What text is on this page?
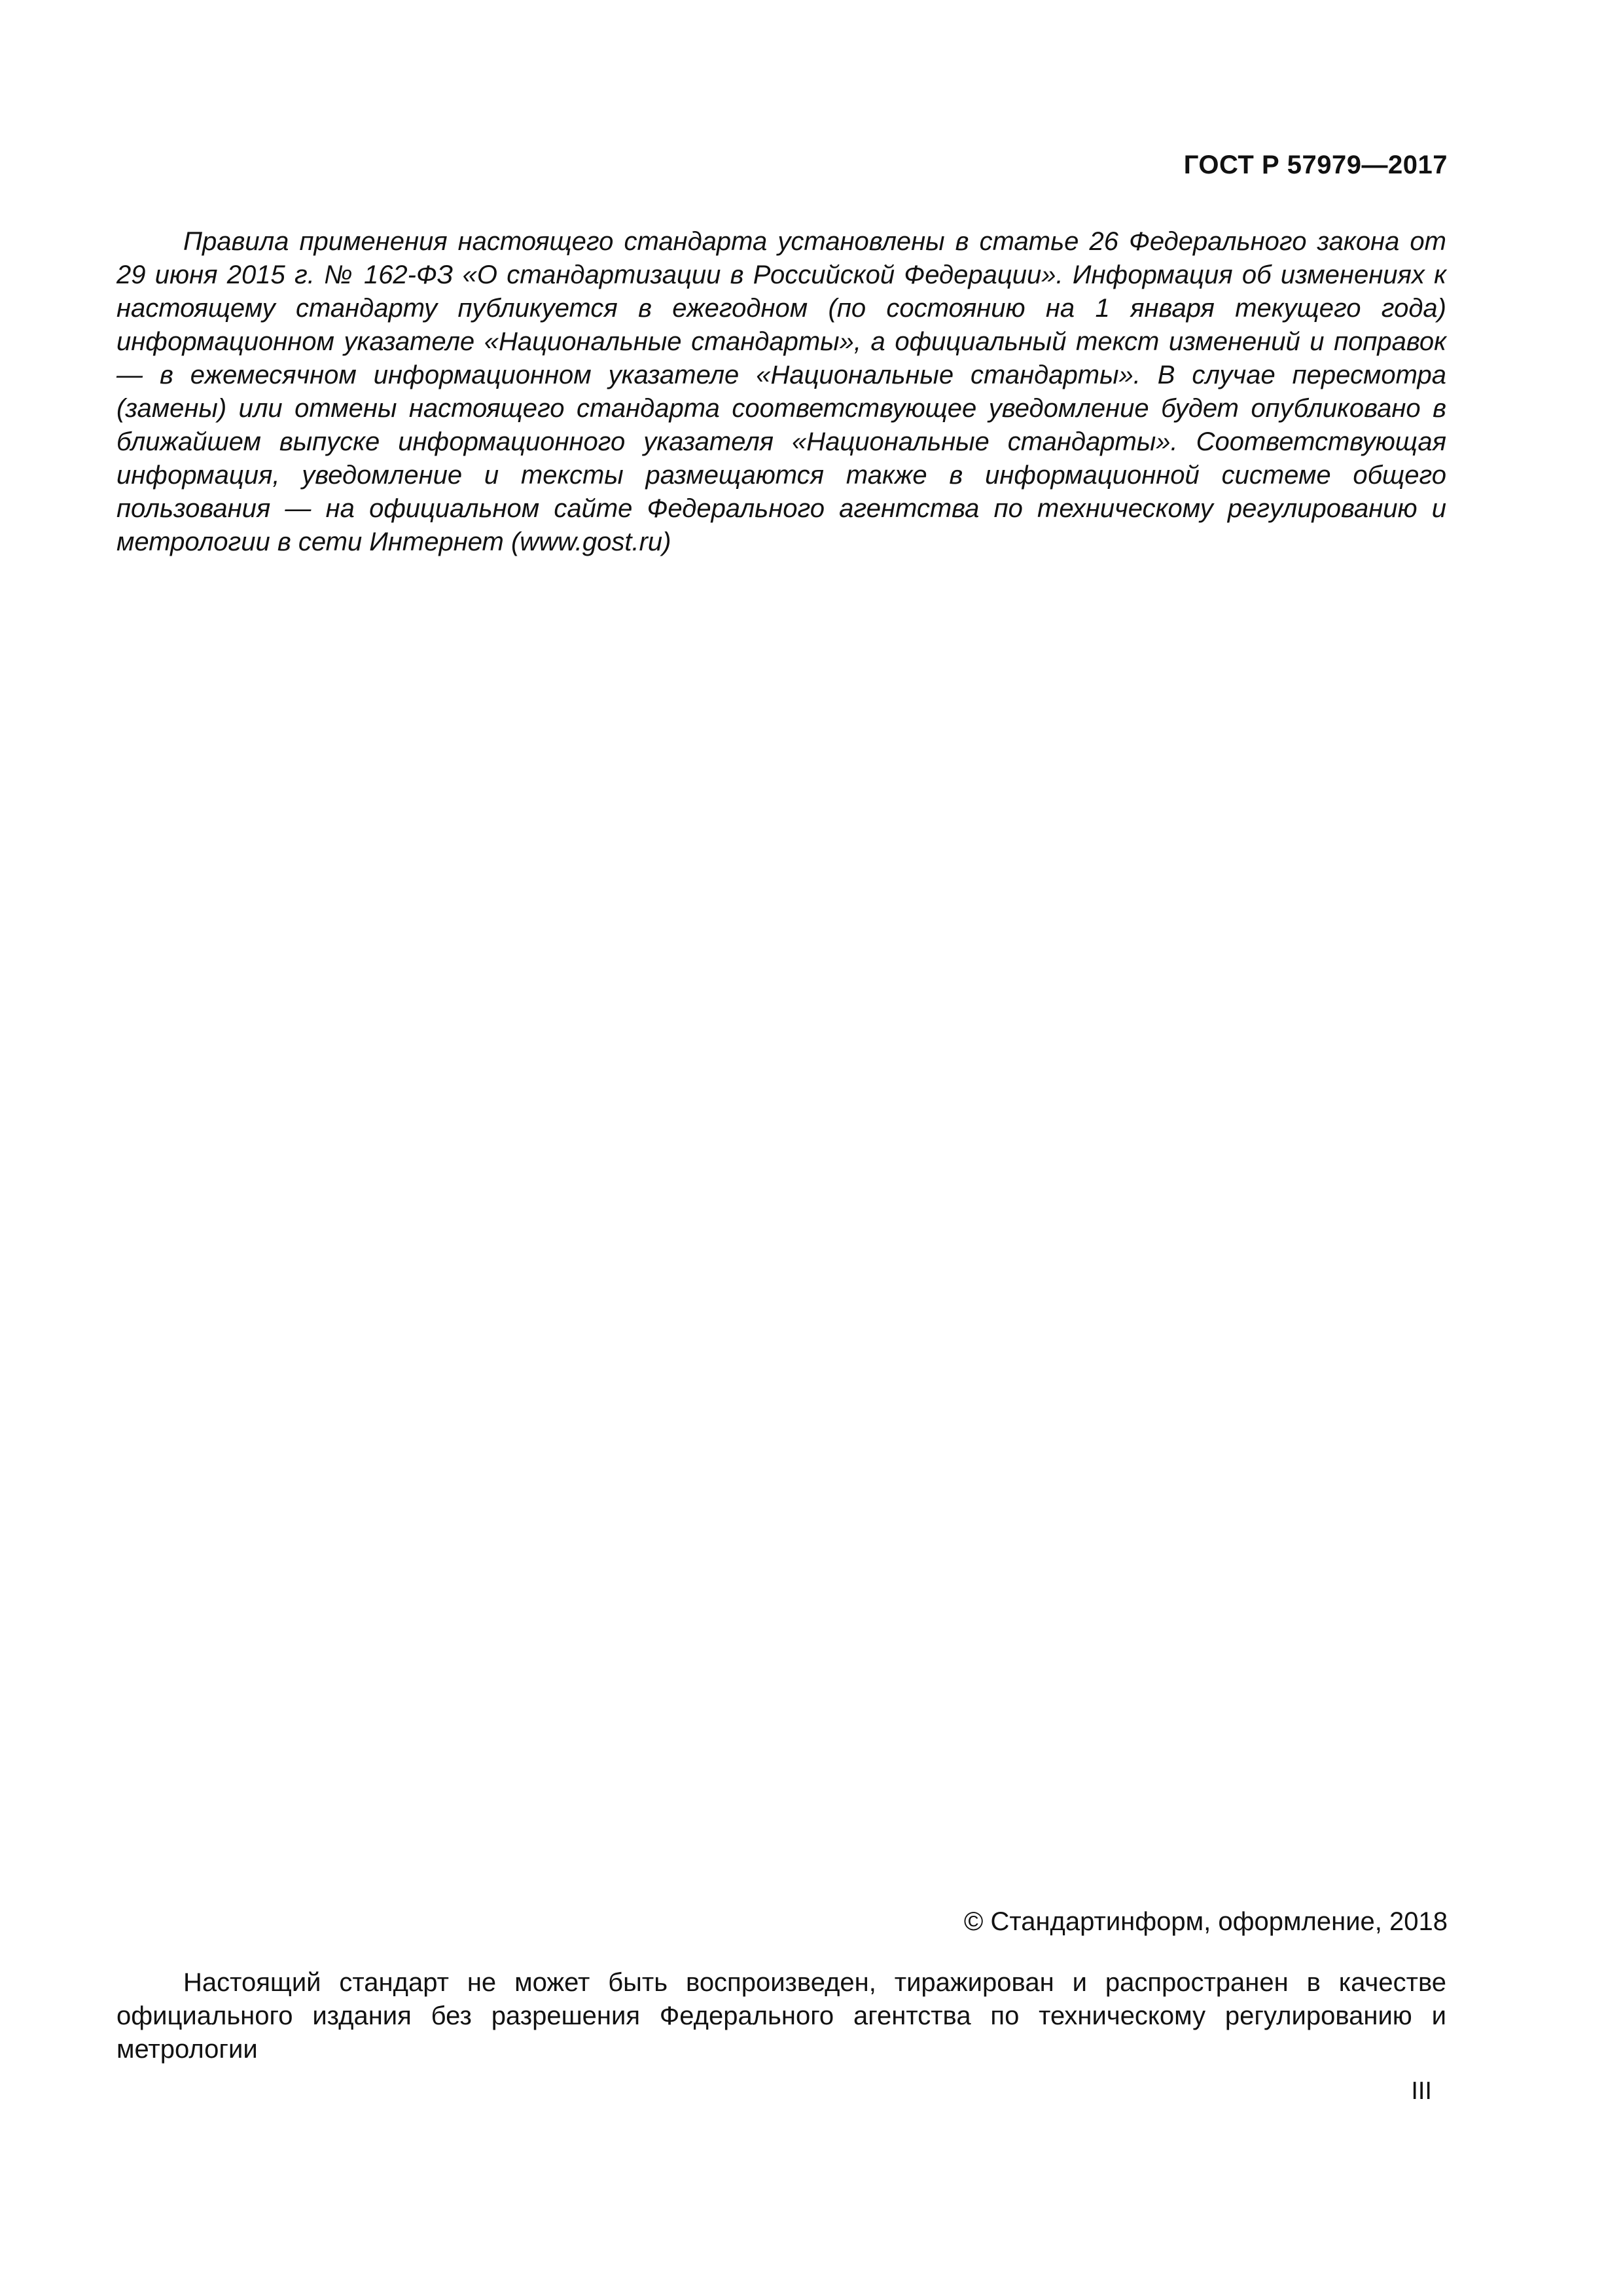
ГОСТ Р 57979—2017

Правила применения настоящего стандарта установлены в статье 26 Федерального закона от 29 июня 2015 г. № 162-ФЗ «О стандартизации в Российской Федерации». Информация об изменениях к настоящему стандарту публикуется в ежегодном (по состоянию на 1 января текущего года) информационном указателе «Национальные стандарты», а официальный текст изменений и поправок — в ежемесячном информационном указателе «Национальные стандарты». В случае пересмотра (замены) или отмены настоящего стандарта соответствующее уведомление будет опубликовано в ближайшем выпуске информационного указателя «Национальные стандарты». Соответствующая информация, уведомление и тексты размещаются также в информационной системе общего пользования — на официальном сайте Федерального агентства по техническому регулированию и метрологии в сети Интернет (www.gost.ru)

© Стандартинформ, оформление, 2018

Настоящий стандарт не может быть воспроизведен, тиражирован и распространен в качестве официального издания без разрешения Федерального агентства по техническому регулированию и метрологии

III
